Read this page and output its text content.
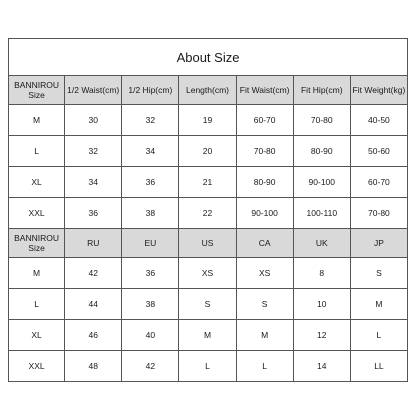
About Size						

BANNIROU
Size	1/2 Waist(cm)	1/2 Hip(cm)	Length(cm)	Fit Waist(cm)	Fit Hip(cm)	Fit Weight(kg)
M	30	32	19	60-70	70-80	40-50
L	32	34	20	70-80	80-90	50-60
XL	34	36	21	80-90	90-100	60-70
XXL	36	38	22	90-100	100-110	70-80

BANNIROU
Size	RU	EU	US	CA	UK	JP
M	42	36	XS	XS	8	S
L	44	38	S	S	10	M
XL	46	40	M	M	12	L
XXL	48	42	L	L	14	LL
